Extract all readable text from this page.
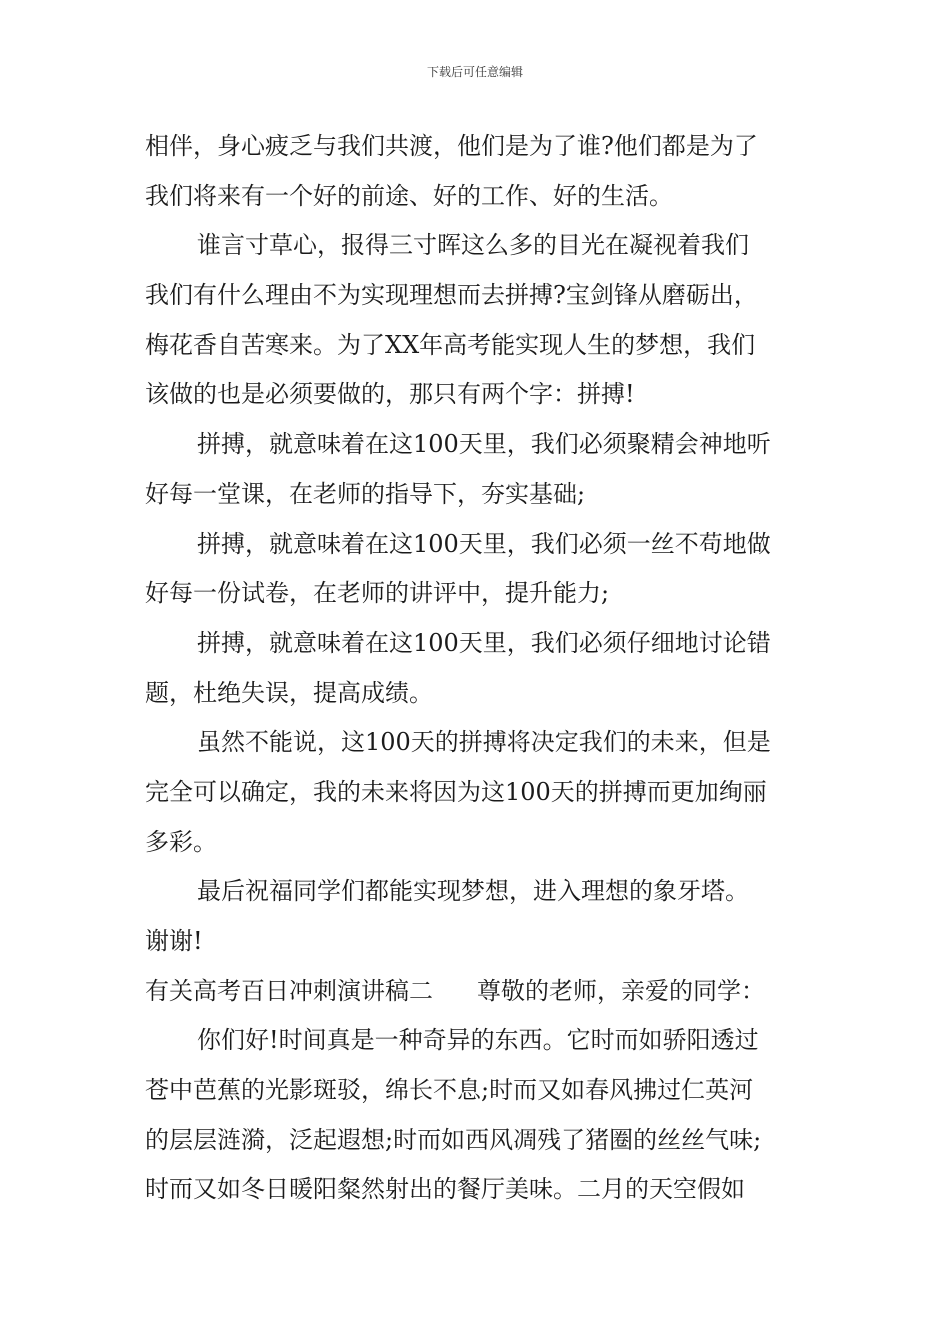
下载后可任意编辑
相伴，身心疲乏与我们共渡，他们是为了谁?他们都是为了
我们将来有一个好的前途、好的工作、好的生活。
谁言寸草心，报得三寸晖这么多的目光在凝视着我们
我们有什么理由不为实现理想而去拼搏?宝剑锋从磨砺出，
梅花香自苦寒来。为了XX年高考能实现人生的梦想，我们
该做的也是必须要做的，那只有两个字：拼搏!
拼搏，就意味着在这100天里，我们必须聚精会神地听
好每一堂课，在老师的指导下，夯实基础;
拼搏，就意味着在这100天里，我们必须一丝不苟地做
好每一份试卷，在老师的讲评中，提升能力;
拼搏，就意味着在这100天里，我们必须仔细地讨论错
题，杜绝失误，提高成绩。
虽然不能说，这100天的拼搏将决定我们的未来，但是
完全可以确定，我的未来将因为这100天的拼搏而更加绚丽
多彩。
最后祝福同学们都能实现梦想，进入理想的象牙塔。
谢谢!
有关高考百日冲刺演讲稿二 尊敬的老师，亲爱的同学：
你们好!时间真是一种奇异的东西。它时而如骄阳透过
苍中芭蕉的光影斑驳，绵长不息;时而又如春风拂过仁英河
的层层涟漪，泛起遐想;时而如西风凋残了猪圈的丝丝气味;
时而又如冬日暖阳粲然射出的餐厅美味。二月的天空假如
